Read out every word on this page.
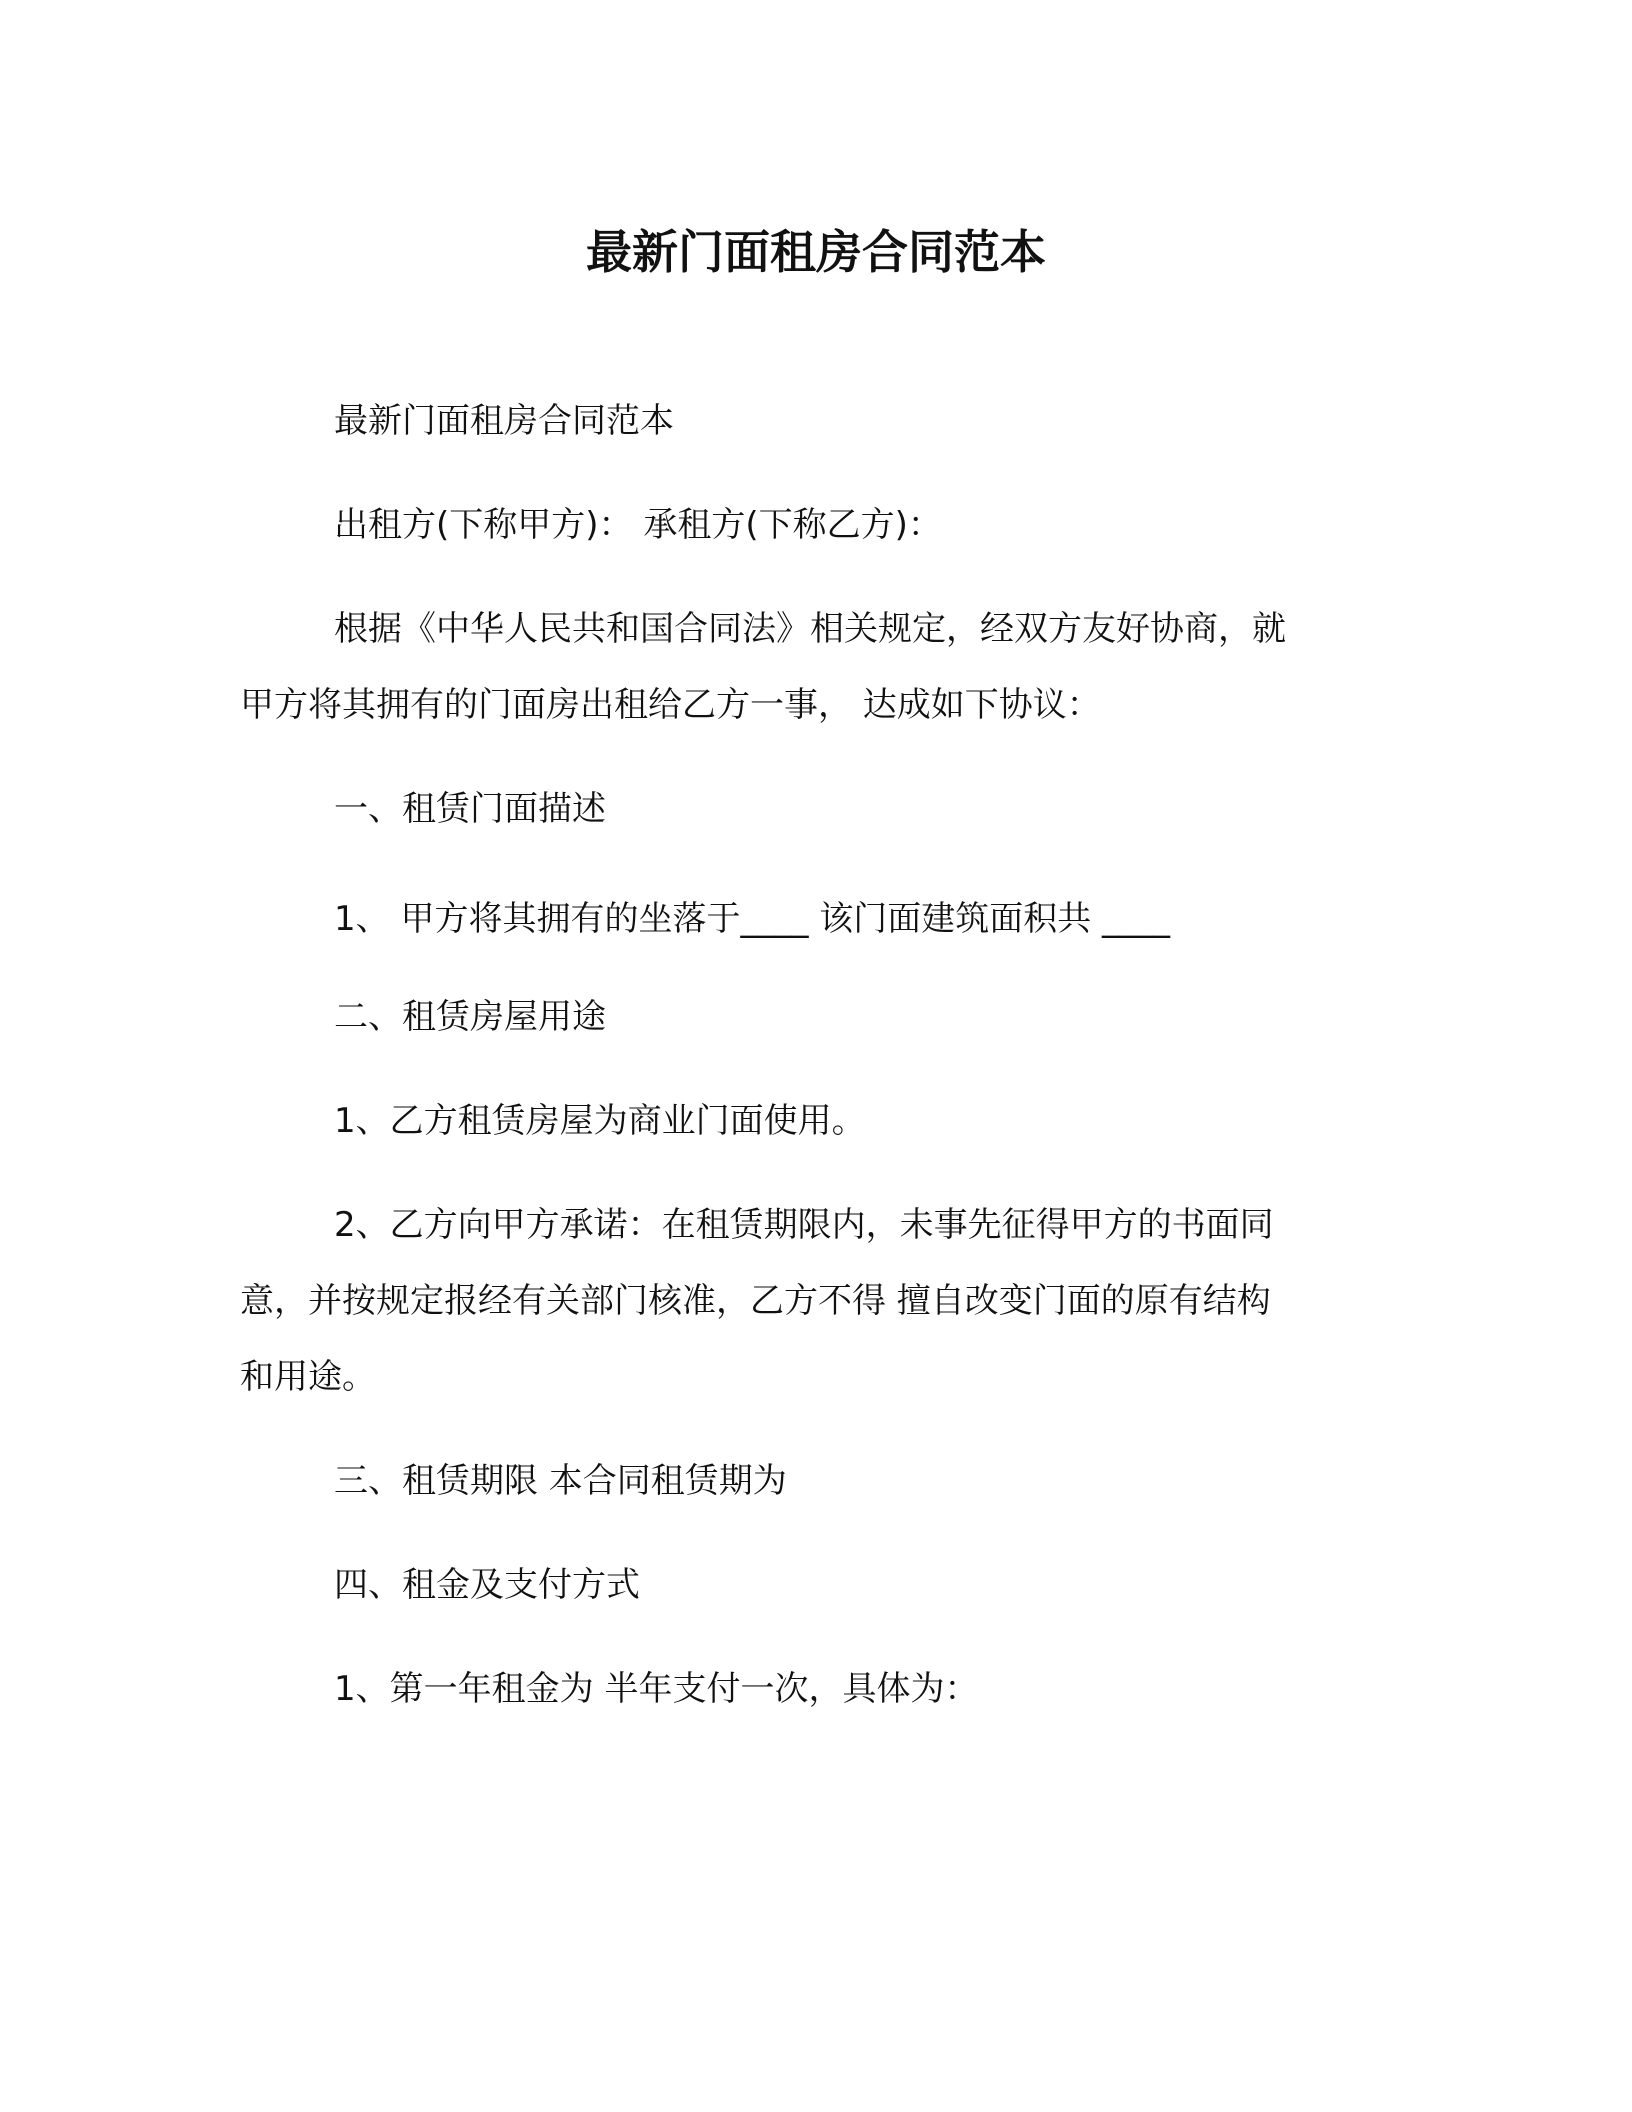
最新门面租房合同范本

最新门面租房合同范本

出租方(下称甲方)： 承租方(下称乙方)：

根据《中华人民共和国合同法》相关规定，经双方友好协商，就

甲方将其拥有的门面房出租给乙方一事， 达成如下协议：

一、租赁门面描述

1、 甲方将其拥有的坐落于____ 该门面建筑面积共 ____

二、租赁房屋用途

1、乙方租赁房屋为商业门面使用。

2、乙方向甲方承诺：在租赁期限内，未事先征得甲方的书面同

意，并按规定报经有关部门核准，乙方不得 擅自改变门面的原有结构

和用途。

三、租赁期限 本合同租赁期为

四、租金及支付方式

1、第一年租金为 半年支付一次，具体为：
